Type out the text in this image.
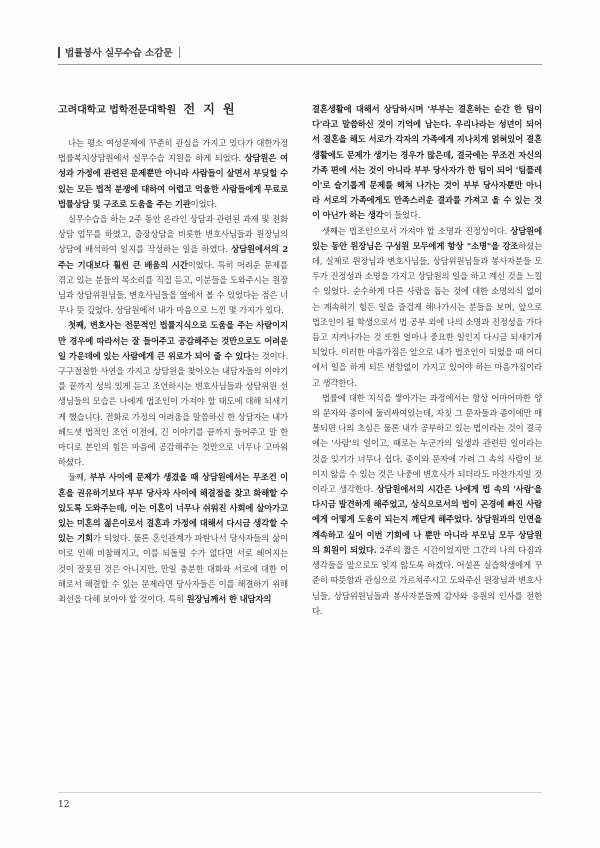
법률봉사 실무수습 소감문
고려대학교 법학전문대학원 전 지 원

나는 평소 여성문제에 꾸준히 관심을 가지고 있다가 대한가정법률복지상담원에서 실무수습 지원을 하게 되었다. 상담원은 여성과 가정에 관련된 문제뿐만 아니라 사람들이 살면서 부딪힐 수 있는 모든 법적 분쟁에 대하여 어렵고 억울한 사람들에게 무료로 법률상담 및 구조로 도움을 주는 기관이었다.

실무수습을 하는 2주 동안 온라인 상담과 관련된 과제 및 전화상담 업무를 하였고, 출장상담을 비롯한 변호사님들과 원장님의 상담에 배석하여 일지를 작성하는 일을 하였다. 상담원에서의 2주는 기대보다 훨씬 큰 배움의 시간이었다. 특히 어려운 문제를 겪고 있는 분들의 목소리를 직접 듣고, 이분들을 도와주시는 원장님과 상담위원님들, 변호사님들을 옆에서 볼 수 있었다는 점은 너무나 뜻 깊었다. 상담원에서 내가 마음으로 느낀 몇 가지가 있다.

첫째, 변호사는 전문적인 법률지식으로 도움을 주는 사람이지만 경우에 따라서는 잘 들어주고 공감해주는 것만으로도 어려운 일 가운데에 있는 사람에게 큰 위로가 되어 줄 수 있다는 것이다. 구구절절한 사연을 가지고 상담원을 찾아오는 내담자들의 이야기를 끝까지 성의 있게 듣고 조언하시는 변호사님들과 상담위원 선생님들의 모습은 나에게 법조인이 가져야 할 태도에 대해 되새기게 했습니다. 전화로 가정의 어려움을 말씀하신 한 상담자는 내가 헤드셋 법적인 조언 이전에, 긴 이야기를 끝까지 들어주고 말 한마디로 본인의 힘든 마음에 공감해주는 것만으로 너무나 고마워하셨다.

둘째, 부부 사이에 문제가 생겼을 때 상담원에서는 무조건 이혼을 권유하기보다 부부 당사자 사이에 해결점을 찾고 화해할 수 있도록 도와주는데, 이는 이혼이 너무나 쉬워진 사회에 살아가고 있는 미혼의 젊은이로서 결혼과 가정에 대해서 다시금 생각할 수 있는 기회가 되었다. 물론 혼인관계가 파탄나서 당사자들의 삶이 이로 인해 비참해지고, 이를 되돌릴 수가 없다면 서로 헤어지는 것이 잘못된 것은 아니지만, 만일 충분한 대화와 서로에 대한 이해로서 해결할 수 있는 문제라면 당사자들은 이를 해결하기 위해 최선을 다해 보아야 할 것이다. 특히 원장님께서 한 내담자의

결혼생활에 대해서 상담하시며 '부부는 결혼하는 순간 한 팀이다'라고 말씀하신 것이 기억에 남는다. 우리나라는 성년이 되어서 결혼을 해도 서로가 각자의 가족에게 지나치게 얽혀있어 결혼생활에도 문제가 생기는 경우가 많은데, 결국에는 무조건 자신의 가족 편에 서는 것이 아니라 부부 당사자가 한 팀이 되어 '팀플레이'로 슬기롭게 문제를 헤쳐 나가는 것이 부부 당사자뿐만 아니라 서로의 가족에게도 만족스러운 결과를 가져고 올 수 있는 것이 아닌가 하는 생각이 들었다.

셋째는 법조인으로서 가져야 할 소명과 진정성이다. 상담원에 있는 동안 원장님은 구성원 모두에게 항상 "소명"을 강조하셨는데, 실제로 원장님과 변호사님들, 상담위원님들과 봉사자분들 모두가 진정성과 소명을 가지고 상담원의 일을 하고 계신 것을 느낄 수 있었다. 순수하게 다른 사람을 돕는 것에 대한 소명의식 없이는 계속하기 힘든 일을 즐겁게 해나가시는 분들을 보며, 앞으로 법조인이 될 학생으로서 법 공부 외에 나의 소명과 진정성을 가다듬고 지켜나가는 것 또한 얼마나 중요한 일인지 다시금 되새기게 되었다. 이러한 마음가짐은 앞으로 내가 법조인이 되었을 때 어디에서 일을 하게 되든 변함없이 가지고 있어야 하는 마음가짐이라고 생각한다.

법률에 대한 지식을 쌓아가는 과정에서는 항상 어마어마한 양의 문자와 종이에 둘러싸여있는데, 자칫 그 문자들과 종이에만 매몰되면 나의 초심은 물론 내가 공부하고 있는 법이라는 것이 결국에는 '사람'의 일이고, 때로는 누군가의 일생과 관련된 일이라는 것을 잊기가 너무나 쉽다. 종이와 문자에 가려 그 속의 사람이 보이지 않을 수 있는 것은 나중에 변호사가 되더라도 마찬가지일 것이라고 생각한다. 상담원에서의 시간은 나에게 법 속의 '사람'을 다시금 발견하게 해주었고, 상식으로서의 법이 곤경에 빠진 사람에게 어떻게 도움이 되는지 깨닫게 해주었다. 상담원과의 인연을 계속하고 싶어 이번 기회에 나 뿐만 아니라 부모님 모두 상담원의 회원이 되었다. 2주의 짧은 시간이었지만 그간의 나의 다짐과 생각들을 앞으로도 잊지 않도록 하겠다. 어설픈 실습학생에게 꾸준히 따뜻함과 관심으로 가르쳐주시고 도와주신 원장님과 변호사님들, 상담위원님들과 봉사자분들께 감사와 응원의 인사를 전한다.

12
